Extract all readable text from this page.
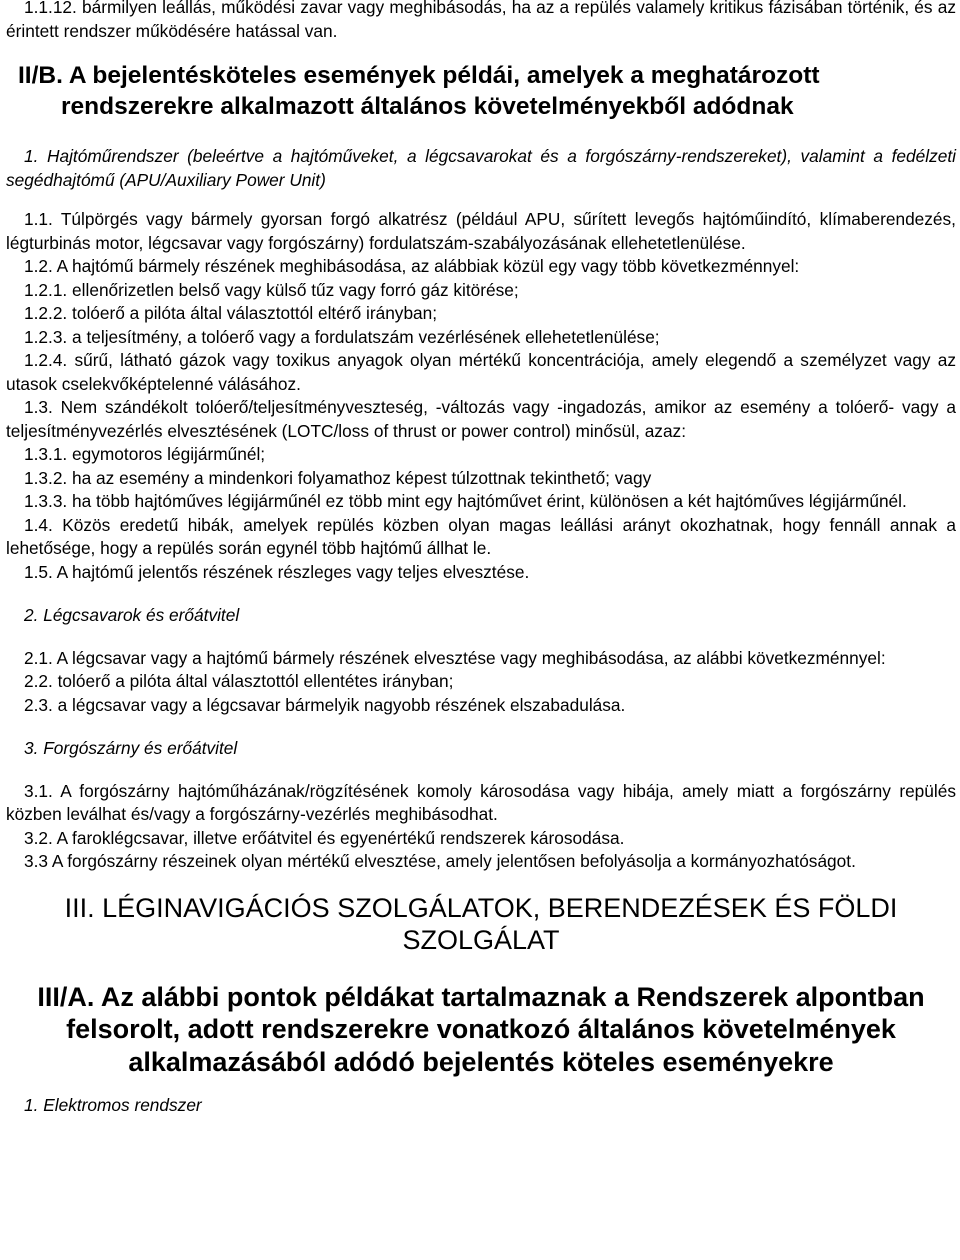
1.1.12. bármilyen leállás, működési zavar vagy meghibásodás, ha az a repülés valamely kritikus fázisában történik, és az érintett rendszer működésére hatással van.

II/B. A bejelentésköteles események példái, amelyek a meghatározott
rendszerekre alkalmazott általános követelményekből adódnak

1. Hajtóműrendszer (beleértve a hajtóműveket, a légcsavarokat és a forgószárny-rendszereket), valamint a fedélzeti segédhajtómű (APU/Auxiliary Power Unit)

1.1. Túlpörgés vagy bármely gyorsan forgó alkatrész (például APU, sűrített levegős hajtóműindító, klímaberendezés, légturbinás motor, légcsavar vagy forgószárny) fordulatszám-szabályozásának ellehetetlenülése.

1.2. A hajtómű bármely részének meghibásodása, az alábbiak közül egy vagy több következménnyel:

1.2.1. ellenőrizetlen belső vagy külső tűz vagy forró gáz kitörése;

1.2.2. tolóerő a pilóta által választottól eltérő irányban;

1.2.3. a teljesítmény, a tolóerő vagy a fordulatszám vezérlésének ellehetetlenülése;

1.2.4. sűrű, látható gázok vagy toxikus anyagok olyan mértékű koncentrációja, amely elegendő a személyzet vagy az utasok cselekvőképtelenné válásához.

1.3. Nem szándékolt tolóerő/teljesítményveszteség, -változás vagy -ingadozás, amikor az esemény a tolóerő- vagy a teljesítményvezérlés elvesztésének (LOTC/loss of thrust or power control) minősül, azaz:

1.3.1. egymotoros légijárműnél;

1.3.2. ha az esemény a mindenkori folyamathoz képest túlzottnak tekinthető; vagy

1.3.3. ha több hajtóműves légijárműnél ez több mint egy hajtóművet érint, különösen a két hajtóműves légijárműnél.

1.4. Közös eredetű hibák, amelyek repülés közben olyan magas leállási arányt okozhatnak, hogy fennáll annak a lehetősége, hogy a repülés során egynél több hajtómű állhat le.

1.5. A hajtómű jelentős részének részleges vagy teljes elvesztése.

2. Légcsavarok és erőátvitel

2.1. A légcsavar vagy a hajtómű bármely részének elvesztése vagy meghibásodása, az alábbi következménnyel:

2.2. tolóerő a pilóta által választottól ellentétes irányban;

2.3. a légcsavar vagy a légcsavar bármelyik nagyobb részének elszabadulása.

3. Forgószárny és erőátvitel

3.1. A forgószárny hajtóműházának/rögzítésének komoly károsodása vagy hibája, amely miatt a forgószárny repülés közben leválhat és/vagy a forgószárny-vezérlés meghibásodhat.

3.2. A faroklégcsavar, illetve erőátvitel és egyenértékű rendszerek károsodása.

3.3 A forgószárny részeinek olyan mértékű elvesztése, amely jelentősen befolyásolja a kormányozhatóságot.

III. LÉGINAVIGÁCIÓS SZOLGÁLATOK, BERENDEZÉSEK ÉS FÖLDI
SZOLGÁLAT
III/A. Az alábbi pontok példákat tartalmaznak a Rendszerek alpontban
felsorolt, adott rendszerekre vonatkozó általános követelmények
alkalmazásából adódó bejelentés köteles eseményekre

1. Elektromos rendszer
